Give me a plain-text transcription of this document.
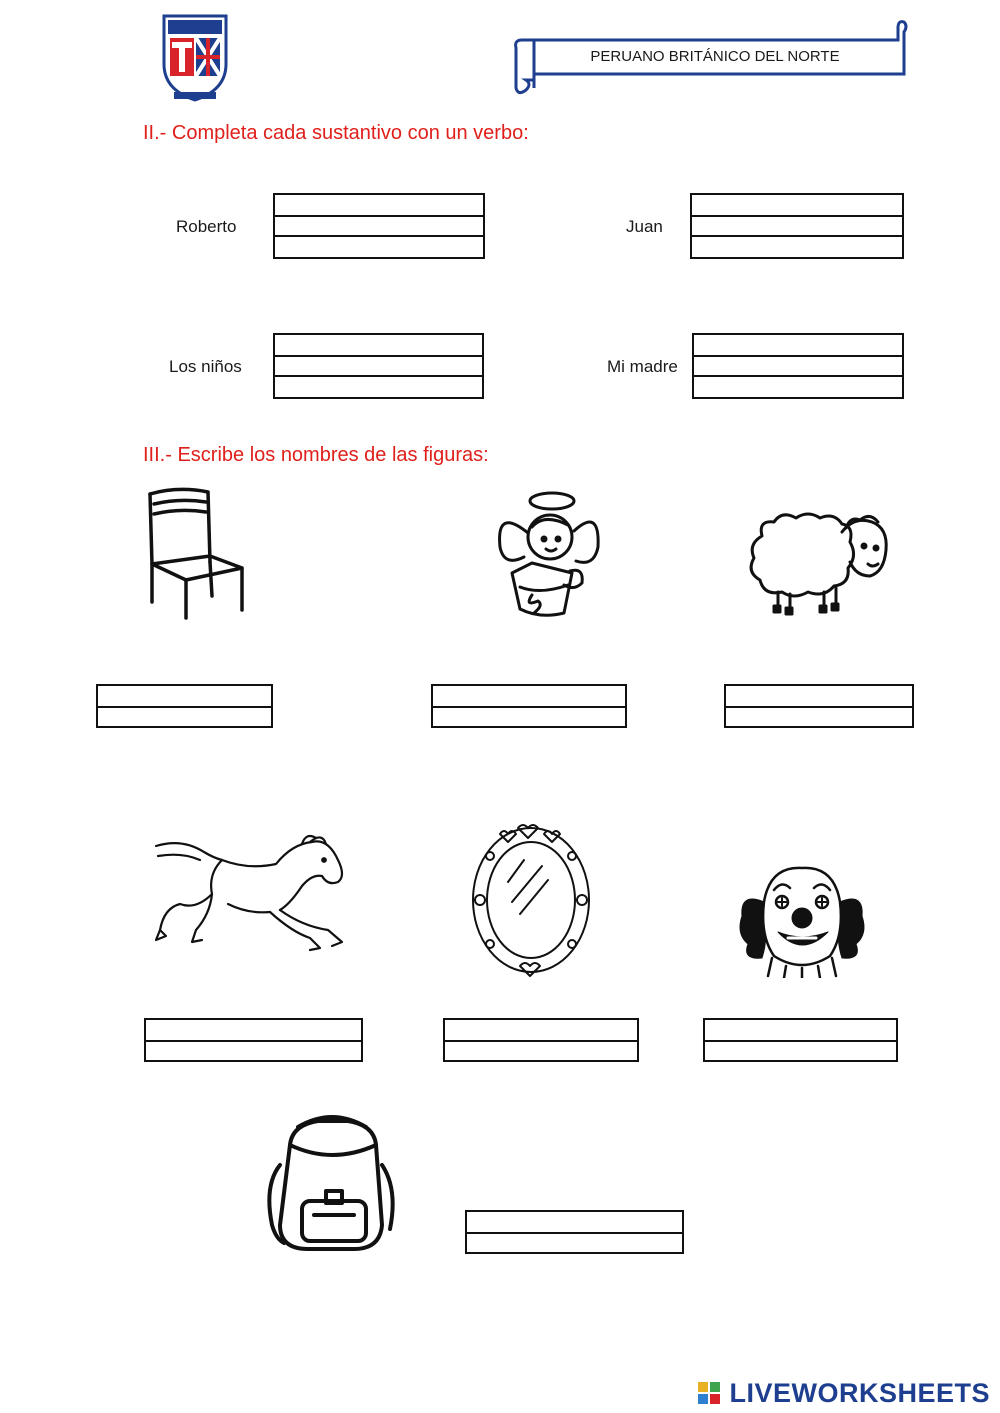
PERUANO BRITÁNICO DEL NORTE
II.- Completa cada sustantivo con un verbo:
Roberto	Juan
Los niños	Mi madre
III.- Escribe los nombres de las figuras:
LIVEWORKSHEETS
